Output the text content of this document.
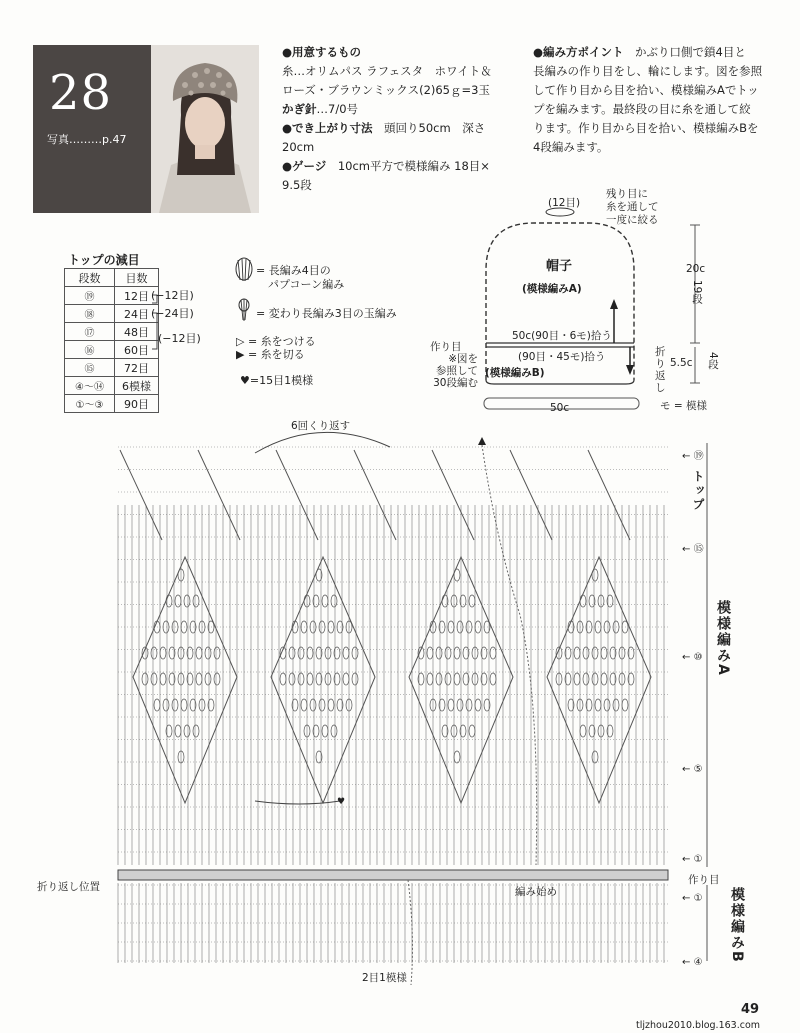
28
写真………p.47
●用意するもの
糸…オリムパス ラフェスタ　ホワイト＆
ローズ・ブラウンミックス(2)65ｇ=3玉
かぎ針…7/0号
●でき上がり寸法　 頭回り50cm　深さ
20cm
●ゲージ　 10cm平方で模様編み 18目×
9.5段
●編み方ポイント　 かぶり口側で鎖4目と
長編みの作り目をし、輪にします。図を参照
して作り目から目を拾い、模様編みAでトッ
プを編みます。最終段の目に糸を通して絞
ります。作り目から目を拾い、模様編みBを
4段編みます。
トップの減目
段数	目数
⑲	12目
⑱	24目
⑰	48目
⑯	60目
⑮	72目
④〜⑭	6模様
①〜③	90目
(−12目)
(−24目)
(−12目)
= 長編み4目の
パプコーン編み
= 変わり長編み3目の玉編み
▷ = 糸をつける
▶ = 糸を切る
♥=15目1模様
(12目)
残り目に
糸を通して
一度に絞る
帽子
(模様編みA)
20c
19段
50c(90目・6モ)拾う
作り目
(90目・45モ)拾う
※図を
参照して
30段編む
(模様編みB)
折
り
返
し
5.5c 4段
50c	モ = 模様
♥
6回くり返す
トップ
模様編みA
模様編みB
折り返し位置
作り目
編み始め
2目1模様
← ⑲
← ⑮
← ⑩
← ⑤
← ①
← ①
← ④
49
tljzhou2010.blog.163.com
